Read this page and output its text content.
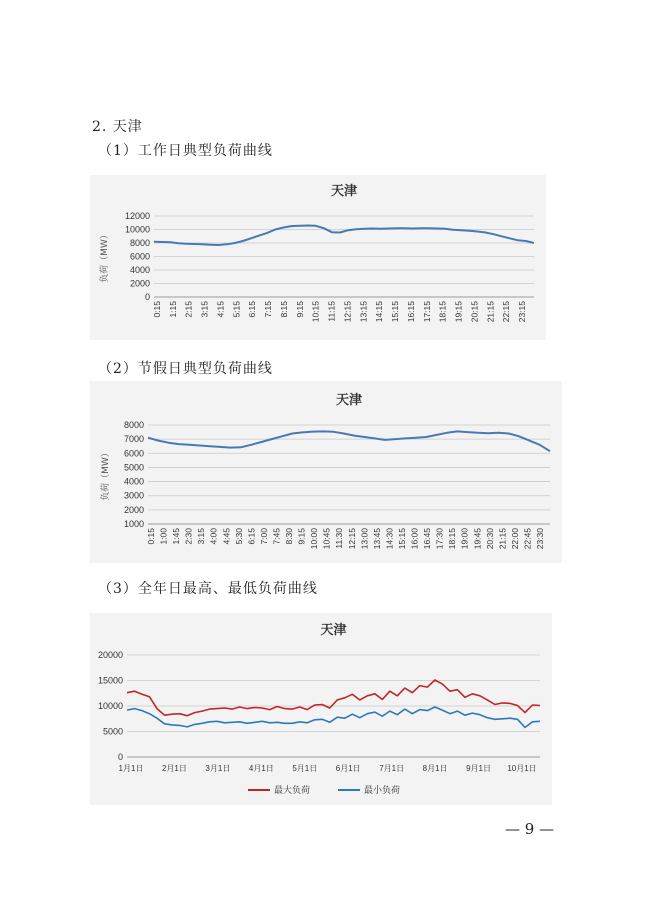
2. 天津
（1）工作日典型负荷曲线
天津
0
2000
4000
6000
8000
10000
12000
负荷（MW）
0:15 1:15 2:15 3:15 4:15 5:15 6:15 7:15 8:15 9:15 10:15 11:15 12:15 13:15 14:15 15:15 16:15 17:15 18:15 19:15 20:15 21:15 22:15 23:15
（2）节假日典型负荷曲线
天津
1000
2000
3000
4000
5000
6000
7000
8000
负荷（MW）
0:15 1:00 1:45 2:30 3:15 4:00 4:45 5:30 6:15 7:00 7:45 8:30 9:15 10:00 10:45 11:30 12:15 13:00 13:45 14:30 15:15 16:00 16:45 17:30 18:15 19:00 19:45 20:30 21:15 22:00 22:45 23:30
（3）全年日最高、最低负荷曲线
天津
0
5000
10000
15000
20000
1月1日 2月1日 3月1日 4月1日 5月1日 6月1日 7月1日 8月1日 9月1日 10月1日
最大负荷	最小负荷
— 9 —
